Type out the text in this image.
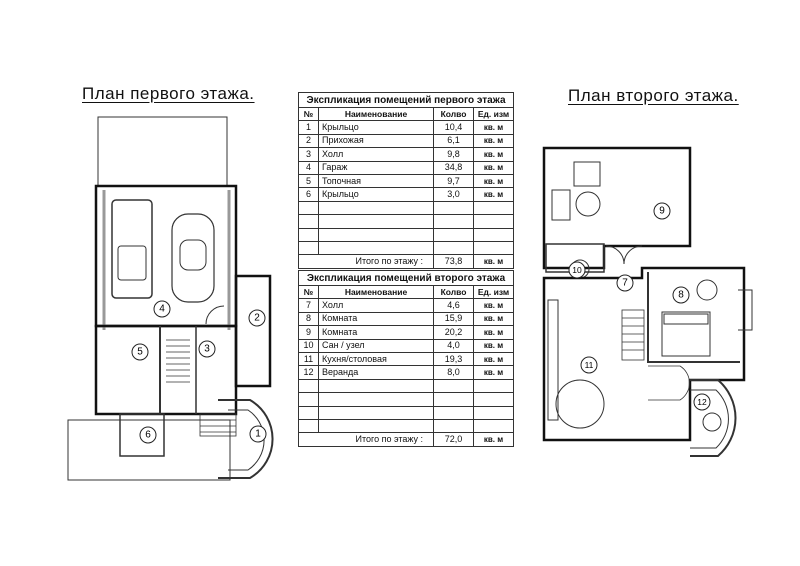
План первого этажа.	План второго этажа.
Экспликация помещений первого этажа			
№	Наименование	Колво	Ед. изм
1	Крыльцо	10,4	кв. м
2	Прихожая	6,1	кв. м
3	Холл	9,8	кв. м
4	Гараж	34,8	кв. м
5	Топочная	9,7	кв. м
6	Крыльцо	3,0	кв. м

Итого по этажу :		73,8	кв. м
Экспликация помещений второго этажа			
№	Наименование	Колво	Ед. изм
7	Холл	4,6	кв. м
8	Комната	15,9	кв. м
9	Комната	20,2	кв. м
10	Сан / узел	4,0	кв. м
11	Кухня/столовая	19,3	кв. м
12	Веранда	8,0	кв. м

Итого по этажу :		72,0	кв. м
1
2
3
4
5
6
7
8
9
10
11
12
